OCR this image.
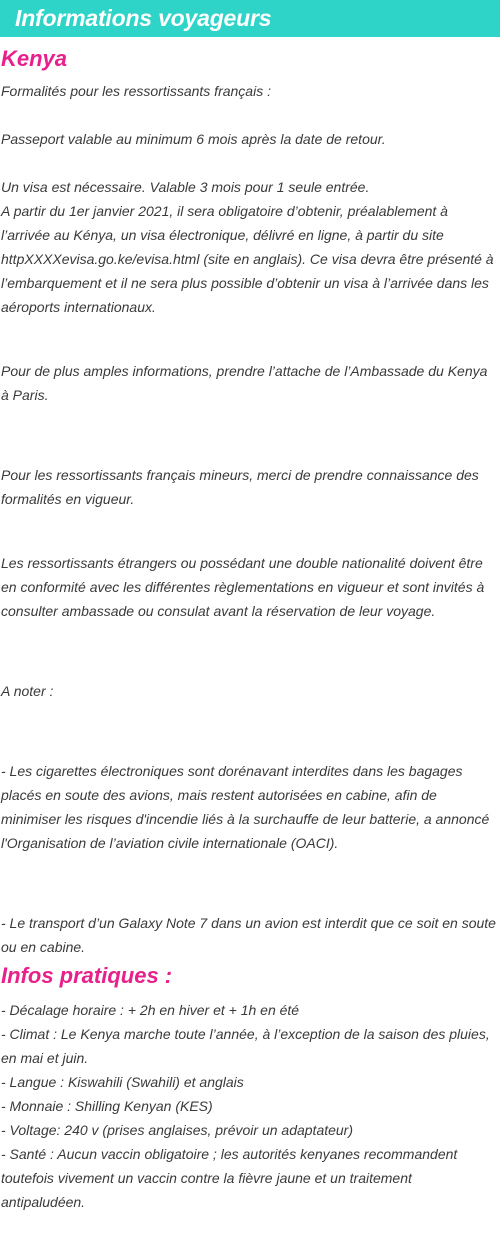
Informations voyageurs
Kenya

Formalités pour les ressortissants français :

Passeport valable au minimum 6 mois après la date de retour.

Un visa est nécessaire. Valable 3 mois pour 1 seule entrée.

A partir du 1er janvier 2021, il sera obligatoire d’obtenir, préalablement à l’arrivée au Kénya, un visa électronique, délivré en ligne, à partir du site httpXXXXevisa.go.ke/evisa.html (site en anglais). Ce visa devra être présenté à l’embarquement et il ne sera plus possible d’obtenir un visa à l’arrivée dans les aéroports internationaux.

Pour de plus amples informations, prendre l’attache de l’Ambassade du Kenya à Paris.

Pour les ressortissants français mineurs, merci de prendre connaissance des formalités en vigueur.

Les ressortissants étrangers ou possédant une double nationalité doivent être en conformité avec les différentes règlementations en vigueur et sont invités à consulter ambassade ou consulat avant la réservation de leur voyage.

A noter :

- Les cigarettes électroniques sont dorénavant interdites dans les bagages placés en soute des avions, mais restent autorisées en cabine, afin de minimiser les risques d'incendie liés à la surchauffe de leur batterie, a annoncé l'Organisation de l’aviation civile internationale (OACI).

- Le transport d’un Galaxy Note 7 dans un avion est interdit que ce soit en soute ou en cabine.

Infos pratiques :

- Décalage horaire : + 2h en hiver et + 1h en été

- Climat : Le Kenya marche toute l’année, à l’exception de la saison des pluies, en mai et juin.

- Langue : Kiswahili (Swahili) et anglais

- Monnaie : Shilling Kenyan (KES)

- Voltage: 240 v (prises anglaises, prévoir un adaptateur)

- Santé : Aucun vaccin obligatoire ; les autorités kenyanes recommandent toutefois vivement un vaccin contre la fièvre jaune et un traitement antipaludéen.
